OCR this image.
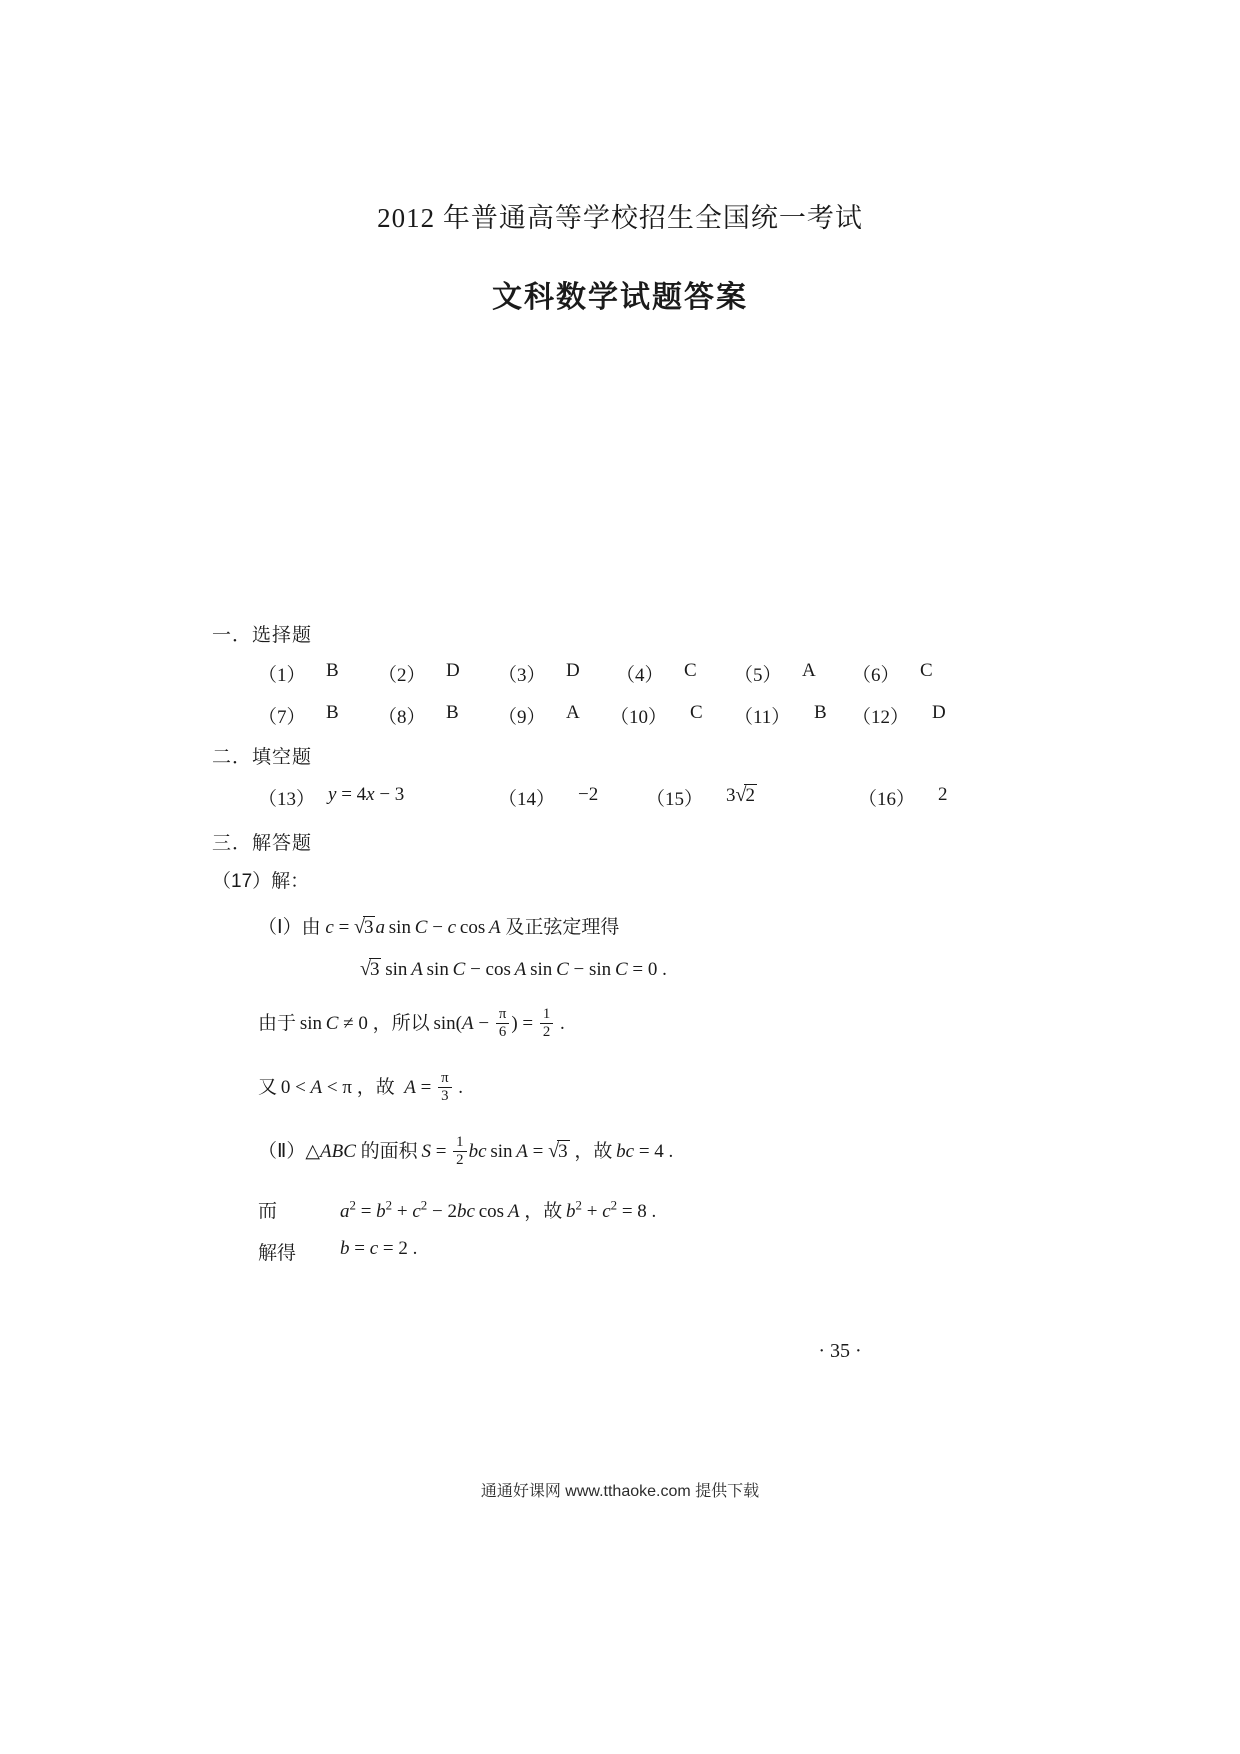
2012 年普通高等学校招生全国统一考试
文科数学试题答案
一．选择题
（1） B （2） D （3） D （4） C （5） A （6） C
（7） B （8） B （9） A （10） C （11） B （12） D
二．填空题
（13） y = 4x − 3	（14） −2	（15） 3√2	（16） 2
三．解答题
（17）解：
（Ⅰ）由 c = √3 a sin C − c cos A 及正弦定理得
√3 sin A sin C − cos A sin C − sin C = 0 .
由于 sin C ≠ 0 ，所以 $\sin(A - \frac{\pi}{6}$ ) = $\frac{1}{2}$ .
又 0 < A < π ，故 $A = \frac{\pi}{3}$ .
（Ⅱ）△ABC 的面积  $S = \frac{1}{2}$ bc sin A = √3 ，故  bc = 4 .
而	$a^2 = b^2 + c^2 - 2bc$ cos A ，故  $b^2 + c^2 = 8$ .
解得 b = c = 2 .
· 35 ·
通通好课网 www.tthaoke.com 提供下载
